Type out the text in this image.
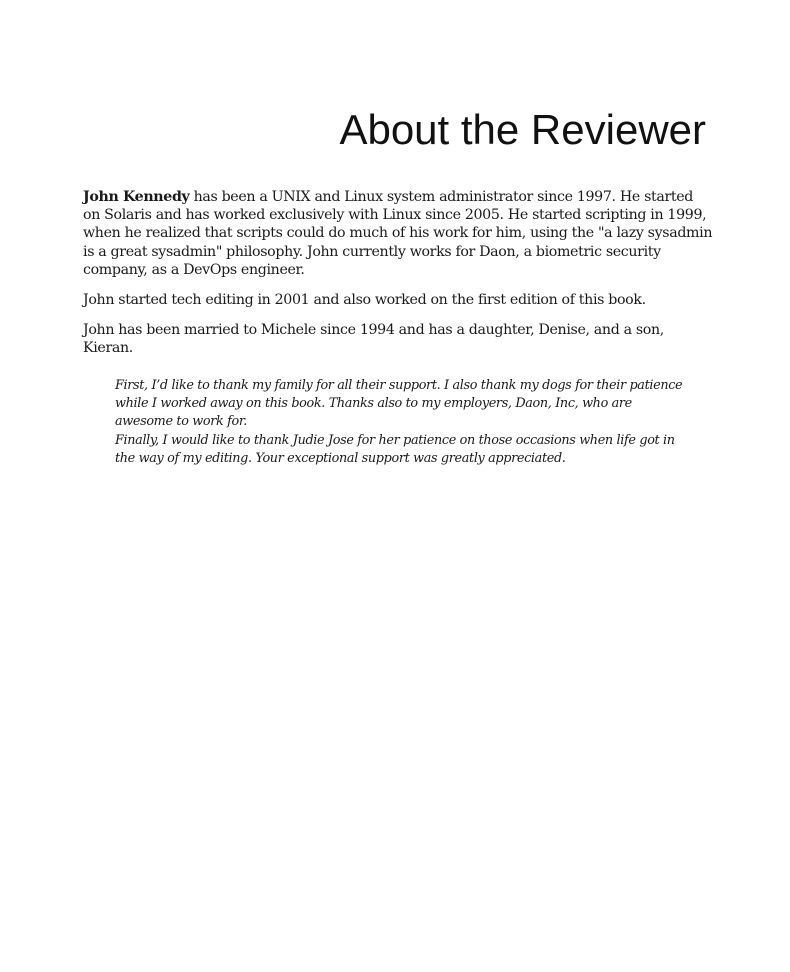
About the Reviewer

John Kennedy has been a UNIX and Linux system administrator since 1997. He started on Solaris and has worked exclusively with Linux since 2005. He started scripting in 1999, when he realized that scripts could do much of his work for him, using the "a lazy sysadmin is a great sysadmin" philosophy. John currently works for Daon, a biometric security company, as a DevOps engineer.

John started tech editing in 2001 and also worked on the first edition of this book.

John has been married to Michele since 1994 and has a daughter, Denise, and a son, Kieran.

First, I’d like to thank my family for all their support. I also thank my dogs for their patience while I worked away on this book. Thanks also to my employers, Daon, Inc, who are awesome to work for.

Finally, I would like to thank Judie Jose for her patience on those occasions when life got in the way of my editing. Your exceptional support was greatly appreciated.
